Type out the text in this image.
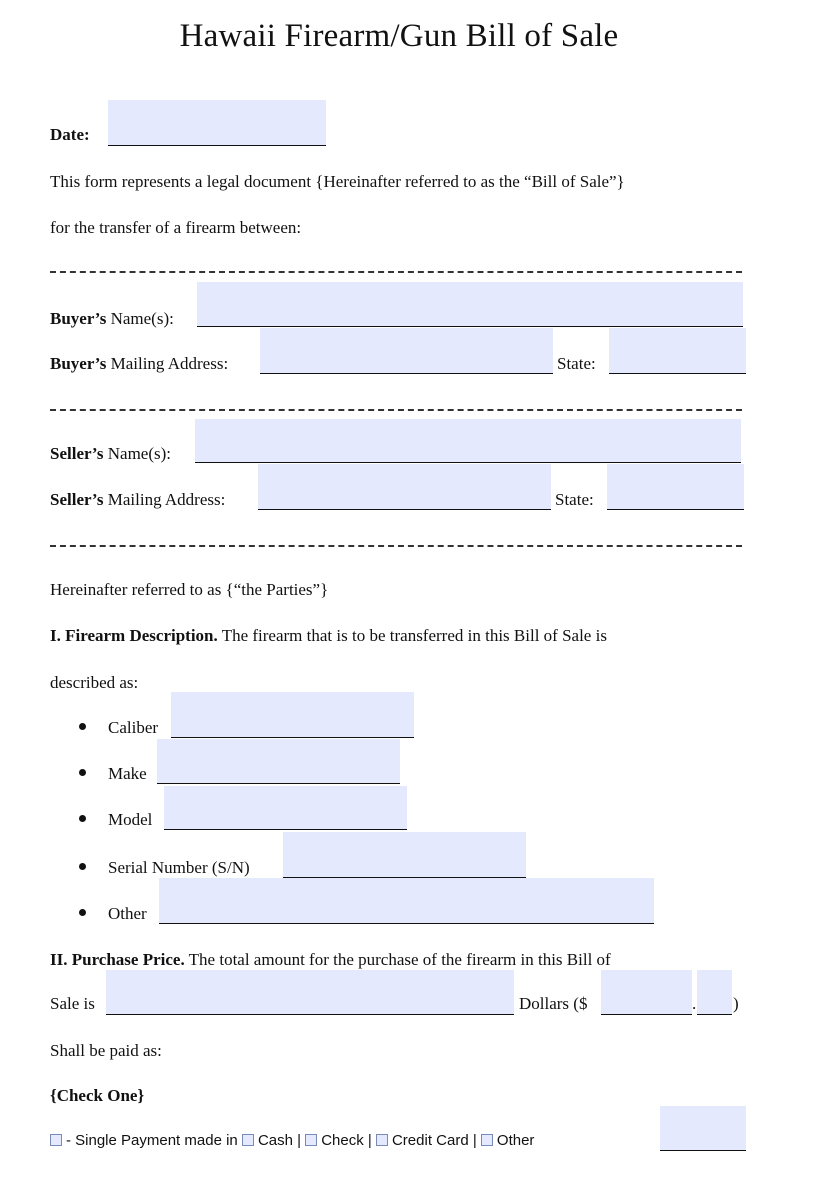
Hawaii Firearm/Gun Bill of Sale
Date:
This form represents a legal document {Hereinafter referred to as the “Bill of Sale”}
for the transfer of a firearm between:
Buyer’s Name(s):
Buyer’s Mailing Address:	State:
Seller’s Name(s):
Seller’s Mailing Address:	State:
Hereinafter referred to as {“the Parties”}
I. Firearm Description. The firearm that is to be transferred in this Bill of Sale is
described as:
Caliber
Make
Model
Serial Number (S/N)
Other
II. Purchase Price. The total amount for the purchase of the firearm in this Bill of
Sale is	Dollars ($	. )
Shall be paid as:
{Check One}
- Single Payment made in Cash | Check | Credit Card | Other
